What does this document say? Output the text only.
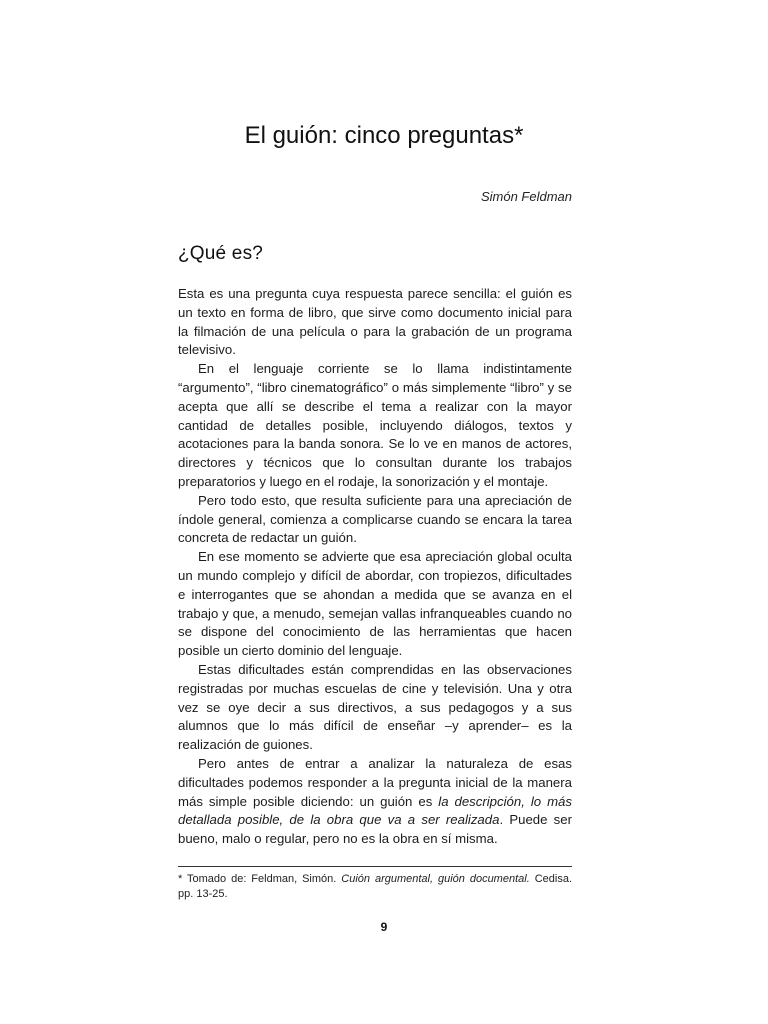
El guión: cinco preguntas*
Simón Feldman
¿Qué es?

Esta es una pregunta cuya respuesta parece sencilla: el guión es un texto en forma de libro, que sirve como documento inicial para la filmación de una película o para la grabación de un programa televisivo.

En el lenguaje corriente se lo llama indistintamente “argumento”, “libro cinematográfico” o más simplemente “libro” y se acepta que allí se describe el tema a realizar con la mayor cantidad de detalles posible, incluyendo diálogos, textos y acotaciones para la banda sonora. Se lo ve en manos de actores, directores y técnicos que lo consultan durante los trabajos preparatorios y luego en el rodaje, la sonorización y el montaje.

Pero todo esto, que resulta suficiente para una apreciación de índole general, comienza a complicarse cuando se encara la tarea concreta de redactar un guión.

En ese momento se advierte que esa apreciación global oculta un mundo complejo y difícil de abordar, con tropiezos, dificultades e interrogantes que se ahondan a medida que se avanza en el trabajo y que, a menudo, semejan vallas infranqueables cuando no se dispone del conocimiento de las herramientas que hacen posible un cierto dominio del lenguaje.

Estas dificultades están comprendidas en las observaciones registradas por muchas escuelas de cine y televisión. Una y otra vez se oye decir a sus directivos, a sus pedagogos y a sus alumnos que lo más difícil de enseñar –y aprender– es la realización de guiones.

Pero antes de entrar a analizar la naturaleza de esas dificultades podemos responder a la pregunta inicial de la manera más simple posible diciendo: un guión es la descripción, lo más detallada posible, de la obra que va a ser realizada. Puede ser bueno, malo o regular, pero no es la obra en sí misma.

* Tomado de: Feldman, Simón. Cuión argumental, guión documental. Cedisa. pp. 13-25.
9
